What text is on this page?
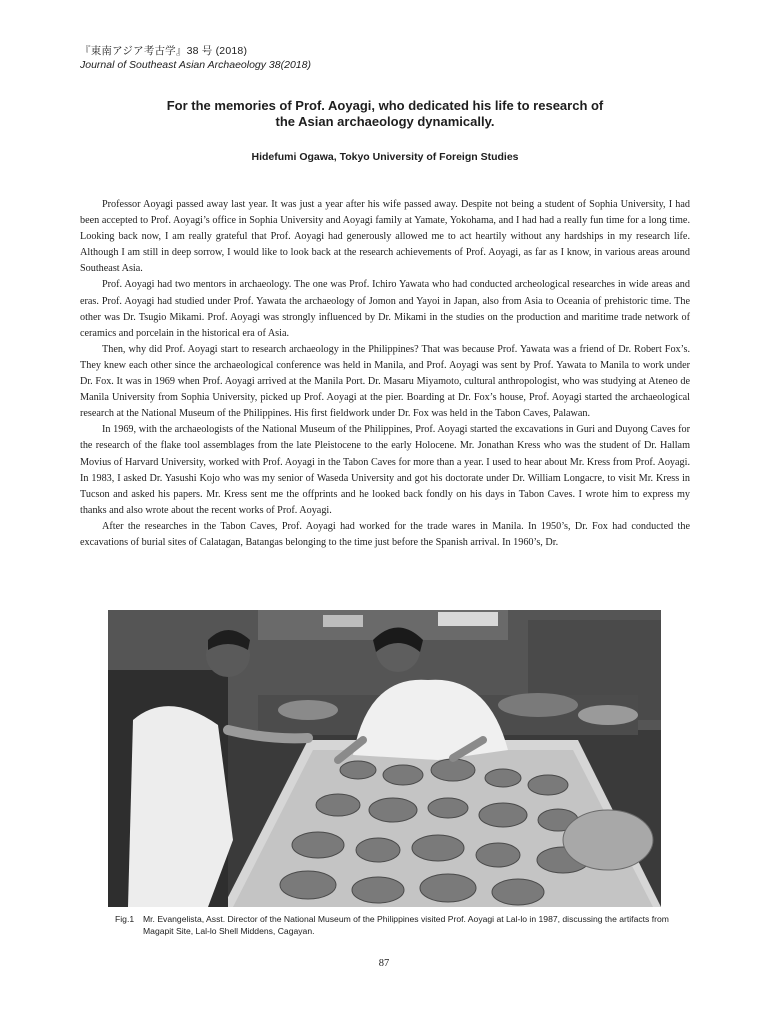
『東南アジア考古学』38 号 (2018)
Journal of Southeast Asian Archaeology 38(2018)
For the memories of Prof. Aoyagi, who dedicated his life to research of
the Asian archaeology dynamically.
Hidefumi Ogawa, Tokyo University of Foreign Studies

Professor Aoyagi passed away last year. It was just a year after his wife passed away. Despite not being a student of Sophia University, I had been accepted to Prof. Aoyagi’s office in Sophia University and Aoyagi family at Yamate, Yokohama, and I had had a really fun time for a long time. Looking back now, I am really grateful that Prof. Aoyagi had generously allowed me to act heartily without any hardships in my research life. Although I am still in deep sorrow, I would like to look back at the research achievements of Prof. Aoyagi, as far as I know, in various areas around Southeast Asia.

Prof. Aoyagi had two mentors in archaeology. The one was Prof. Ichiro Yawata who had conducted archeological researches in wide areas and eras. Prof. Aoyagi had studied under Prof. Yawata the archaeology of Jomon and Yayoi in Japan, also from Asia to Oceania of prehistoric time. The other was Dr. Tsugio Mikami. Prof. Aoyagi was strongly influenced by Dr. Mikami in the studies on the production and maritime trade network of ceramics and porcelain in the historical era of Asia.

Then, why did Prof. Aoyagi start to research archaeology in the Philippines? That was because Prof. Yawata was a friend of Dr. Robert Fox’s. They knew each other since the archaeological conference was held in Manila, and Prof. Aoyagi was sent by Prof. Yawata to Manila to work under Dr. Fox. It was in 1969 when Prof. Aoyagi arrived at the Manila Port. Dr. Masaru Miyamoto, cultural anthropologist, who was studying at Ateneo de Manila University from Sophia University, picked up Prof. Aoyagi at the pier. Boarding at Dr. Fox’s house, Prof. Aoyagi started the archaeological research at the National Museum of the Philippines. His first fieldwork under Dr. Fox was held in the Tabon Caves, Palawan.

In 1969, with the archaeologists of the National Museum of the Philippines, Prof. Aoyagi started the excavations in Guri and Duyong Caves for the research of the flake tool assemblages from the late Pleistocene to the early Holocene. Mr. Jonathan Kress who was the student of Dr. Hallam Movius of Harvard University, worked with Prof. Aoyagi in the Tabon Caves for more than a year. I used to hear about Mr. Kress from Prof. Aoyagi. In 1983, I asked Dr. Yasushi Kojo who was my senior of Waseda University and got his doctorate under Dr. William Longacre, to visit Mr. Kress in Tucson and asked his papers. Mr. Kress sent me the offprints and he looked back fondly on his days in Tabon Caves. I wrote him to express my thanks and also wrote about the recent works of Prof. Aoyagi.

After the researches in the Tabon Caves, Prof. Aoyagi had worked for the trade wares in Manila. In 1950’s, Dr. Fox had conducted the excavations of burial sites of Calatagan, Batangas belonging to the time just before the Spanish arrival. In 1960’s, Dr.

Fig.1	Mr. Evangelista, Asst. Director of the National Museum of the Philippines visited Prof. Aoyagi at Lal-lo in 1987, discussing the artifacts from Magapit Site, Lal-lo Shell Middens, Cagayan.
87
